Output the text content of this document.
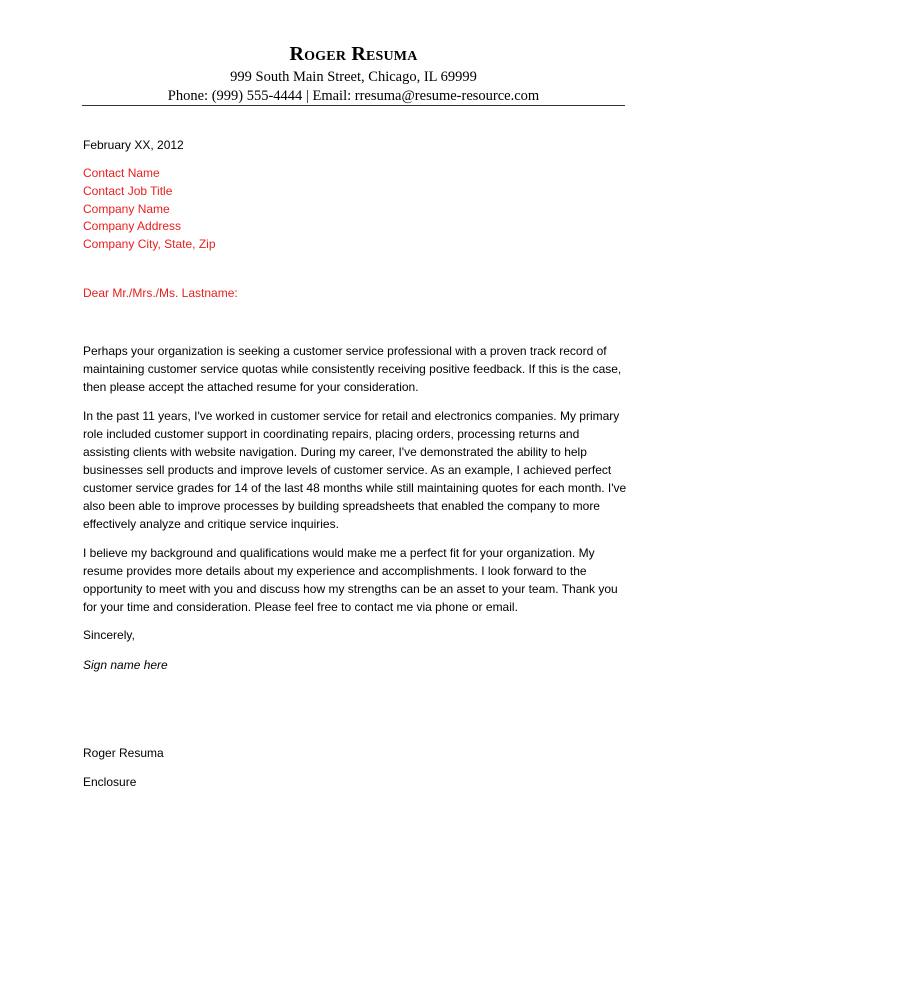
Roger Resuma
999 South Main Street, Chicago, IL 69999
Phone: (999) 555-4444 | Email: rresuma@resume-resource.com
February XX, 2012
Contact Name
Contact Job Title
Company Name
Company Address
Company City, State, Zip
Dear Mr./Mrs./Ms. Lastname:
Perhaps your organization is seeking a customer service professional with a proven track record of maintaining customer service quotas while consistently receiving positive feedback. If this is the case, then please accept the attached resume for your consideration.
In the past 11 years, I've worked in customer service for retail and electronics companies. My primary role included customer support in coordinating repairs, placing orders, processing returns and assisting clients with website navigation. During my career, I've demonstrated the ability to help businesses sell products and improve levels of customer service. As an example, I achieved perfect customer service grades for 14 of the last 48 months while still maintaining quotes for each month. I've also been able to improve processes by building spreadsheets that enabled the company to more effectively analyze and critique service inquiries.
I believe my background and qualifications would make me a perfect fit for your organization. My resume provides more details about my experience and accomplishments. I look forward to the opportunity to meet with you and discuss how my strengths can be an asset to your team. Thank you for your time and consideration. Please feel free to contact me via phone or email.
Sincerely,
Sign name here
Roger Resuma
Enclosure
